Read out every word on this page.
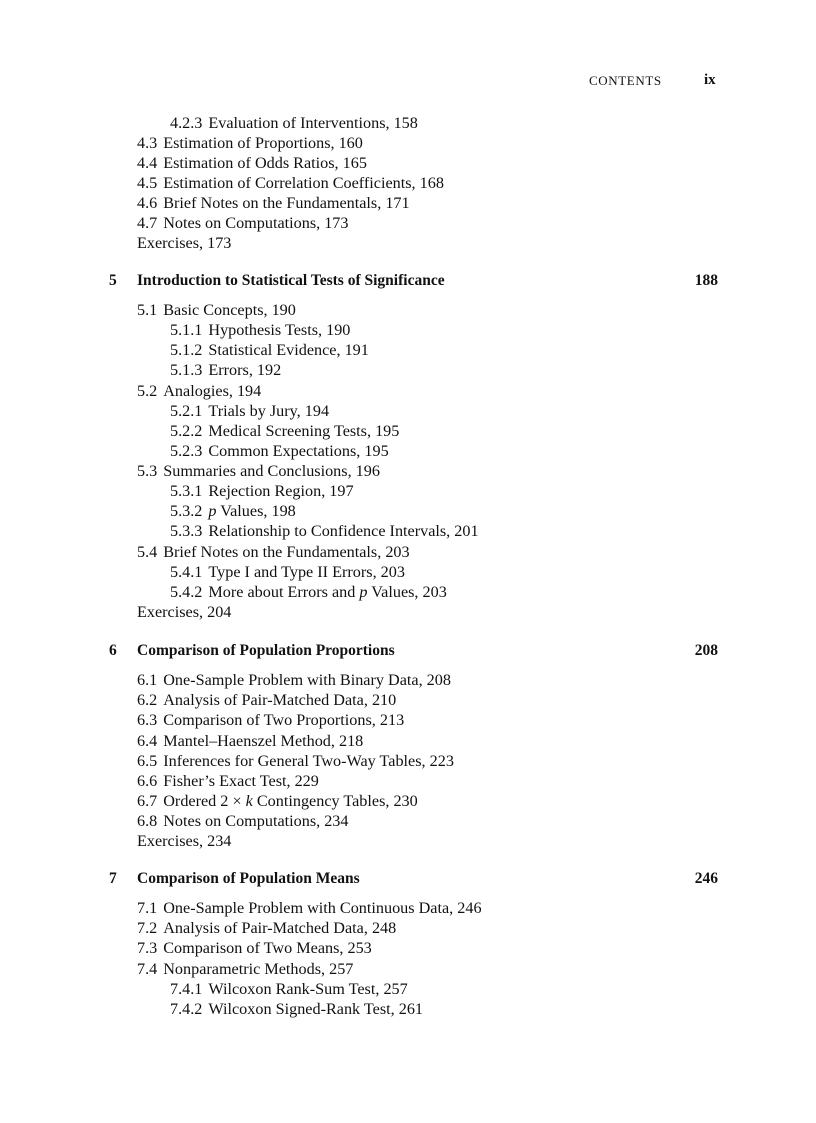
CONTENTS	ix
4.2.3 Evaluation of Interventions, 158
4.3 Estimation of Proportions, 160
4.4 Estimation of Odds Ratios, 165
4.5 Estimation of Correlation Coefficients, 168
4.6 Brief Notes on the Fundamentals, 171
4.7 Notes on Computations, 173
Exercises, 173
5 Introduction to Statistical Tests of Significance	188
5.1 Basic Concepts, 190
5.1.1 Hypothesis Tests, 190
5.1.2 Statistical Evidence, 191
5.1.3 Errors, 192
5.2 Analogies, 194
5.2.1 Trials by Jury, 194
5.2.2 Medical Screening Tests, 195
5.2.3 Common Expectations, 195
5.3 Summaries and Conclusions, 196
5.3.1 Rejection Region, 197
5.3.2 p Values, 198
5.3.3 Relationship to Confidence Intervals, 201
5.4 Brief Notes on the Fundamentals, 203
5.4.1 Type I and Type II Errors, 203
5.4.2 More about Errors and p Values, 203
Exercises, 204
6 Comparison of Population Proportions	208
6.1 One-Sample Problem with Binary Data, 208
6.2 Analysis of Pair-Matched Data, 210
6.3 Comparison of Two Proportions, 213
6.4 Mantel–Haenszel Method, 218
6.5 Inferences for General Two-Way Tables, 223
6.6 Fisher’s Exact Test, 229
6.7 Ordered 2 × k Contingency Tables, 230
6.8 Notes on Computations, 234
Exercises, 234
7 Comparison of Population Means	246
7.1 One-Sample Problem with Continuous Data, 246
7.2 Analysis of Pair-Matched Data, 248
7.3 Comparison of Two Means, 253
7.4 Nonparametric Methods, 257
7.4.1 Wilcoxon Rank-Sum Test, 257
7.4.2 Wilcoxon Signed-Rank Test, 261
